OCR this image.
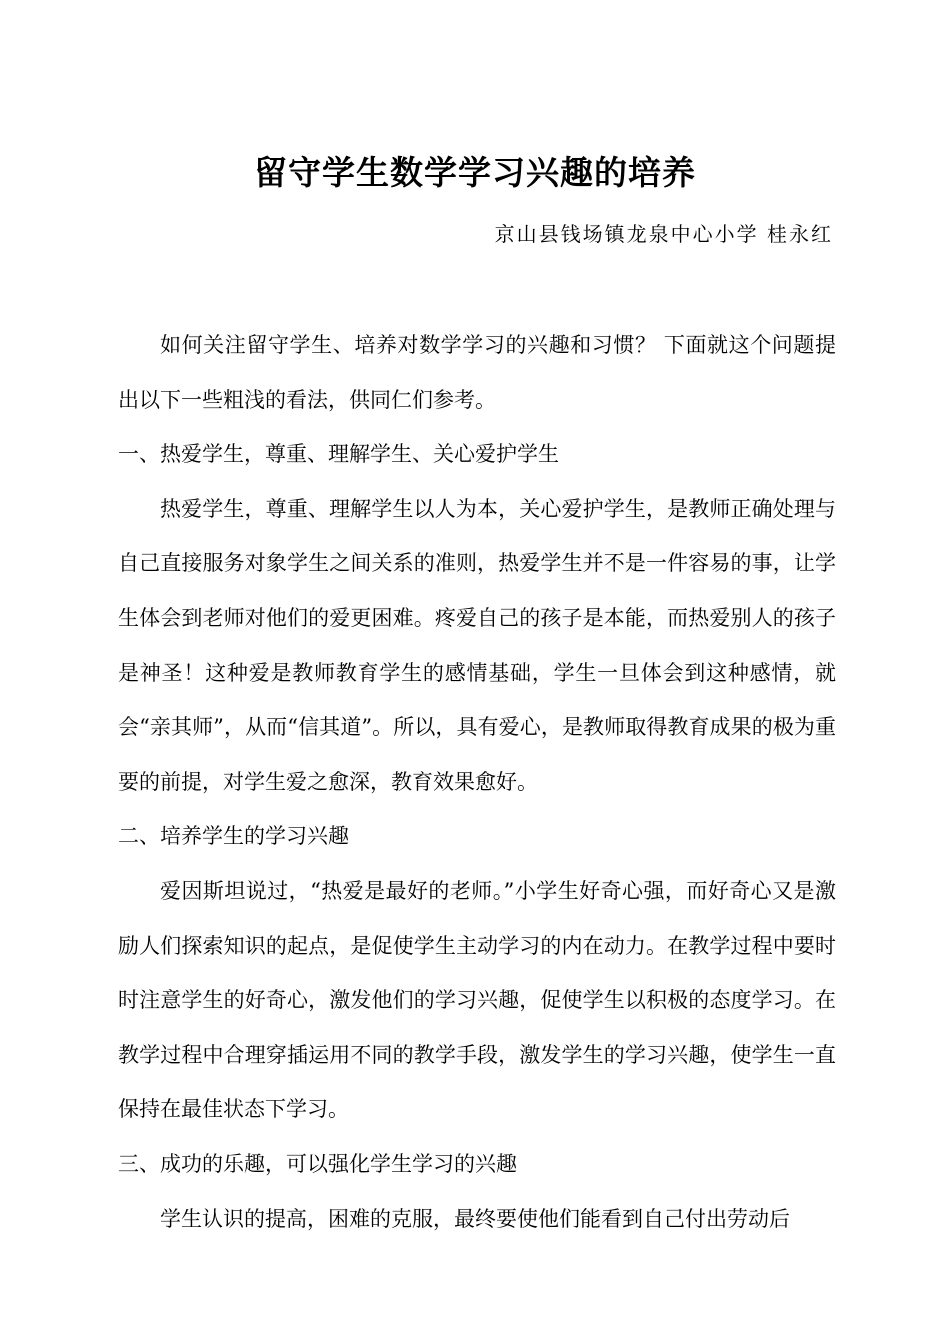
留守学生数学学习兴趣的培养
京山县钱场镇龙泉中心小学 桂永红

如何关注留守学生、培养对数学学习的兴趣和习惯？ 下面就这个问题提出以下一些粗浅的看法，供同仁们参考。

一、热爱学生，尊重、理解学生、关心爱护学生

热爱学生，尊重、理解学生以人为本，关心爱护学生，是教师正确处理与自己直接服务对象学生之间关系的准则，热爱学生并不是一件容易的事，让学生体会到老师对他们的爱更困难。疼爱自己的孩子是本能，而热爱别人的孩子是神圣！这种爱是教师教育学生的感情基础，学生一旦体会到这种感情，就会“亲其师”，从而“信其道”。所以，具有爱心，是教师取得教育成果的极为重要的前提，对学生爱之愈深，教育效果愈好。

二、培养学生的学习兴趣

爱因斯坦说过，“热爱是最好的老师。”小学生好奇心强，而好奇心又是激励人们探索知识的起点，是促使学生主动学习的内在动力。在教学过程中要时时注意学生的好奇心，激发他们的学习兴趣，促使学生以积极的态度学习。在教学过程中合理穿插运用不同的教学手段，激发学生的学习兴趣，使学生一直保持在最佳状态下学习。

三、成功的乐趣，可以强化学生学习的兴趣

学生认识的提高，困难的克服，最终要使他们能看到自己付出劳动后
